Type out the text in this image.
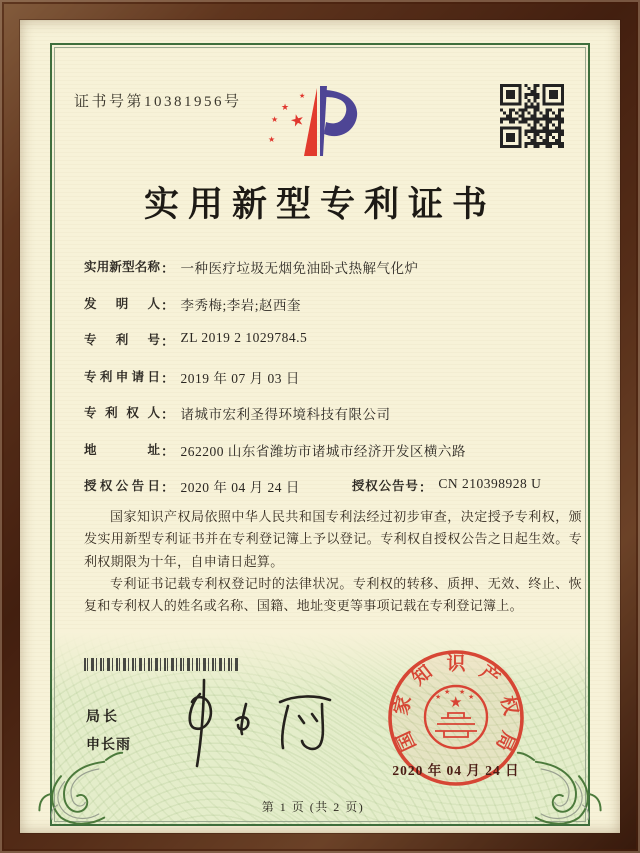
证书号第10381956号
★
★
★
★
★
实用新型专利证书
实用新型名称 ： 一种医疗垃圾无烟免油卧式热解气化炉
发明人 ： 李秀梅;李岩;赵西奎
专利号 ： ZL 2019 2 1029784.5
专利申请日 ： 2019 年 07 月 03 日
专利权人 ： 诸城市宏利圣得环境科技有限公司
地址 ： 262200 山东省潍坊市诸城市经济开发区横六路
授权公告日 ： 2020 年 04 月 24 日	授权公告号 ： CN 210398928 U

国家知识产权局依照中华人民共和国专利法经过初步审查，决定授予专利权，颁发实用新型专利证书并在专利登记簿上予以登记。专利权自授权公告之日起生效。专利权期限为十年，自申请日起算。

专利证书记载专利权登记时的法律状况。专利权的转移、质押、无效、终止、恢复和专利权人的姓名或名称、国籍、地址变更等事项记载在专利登记簿上。

局长
申长雨
★
★
★ ★
★
国
家
知 识 产
权
局
2020 年 04 月 24 日
第 1 页 (共 2 页)
